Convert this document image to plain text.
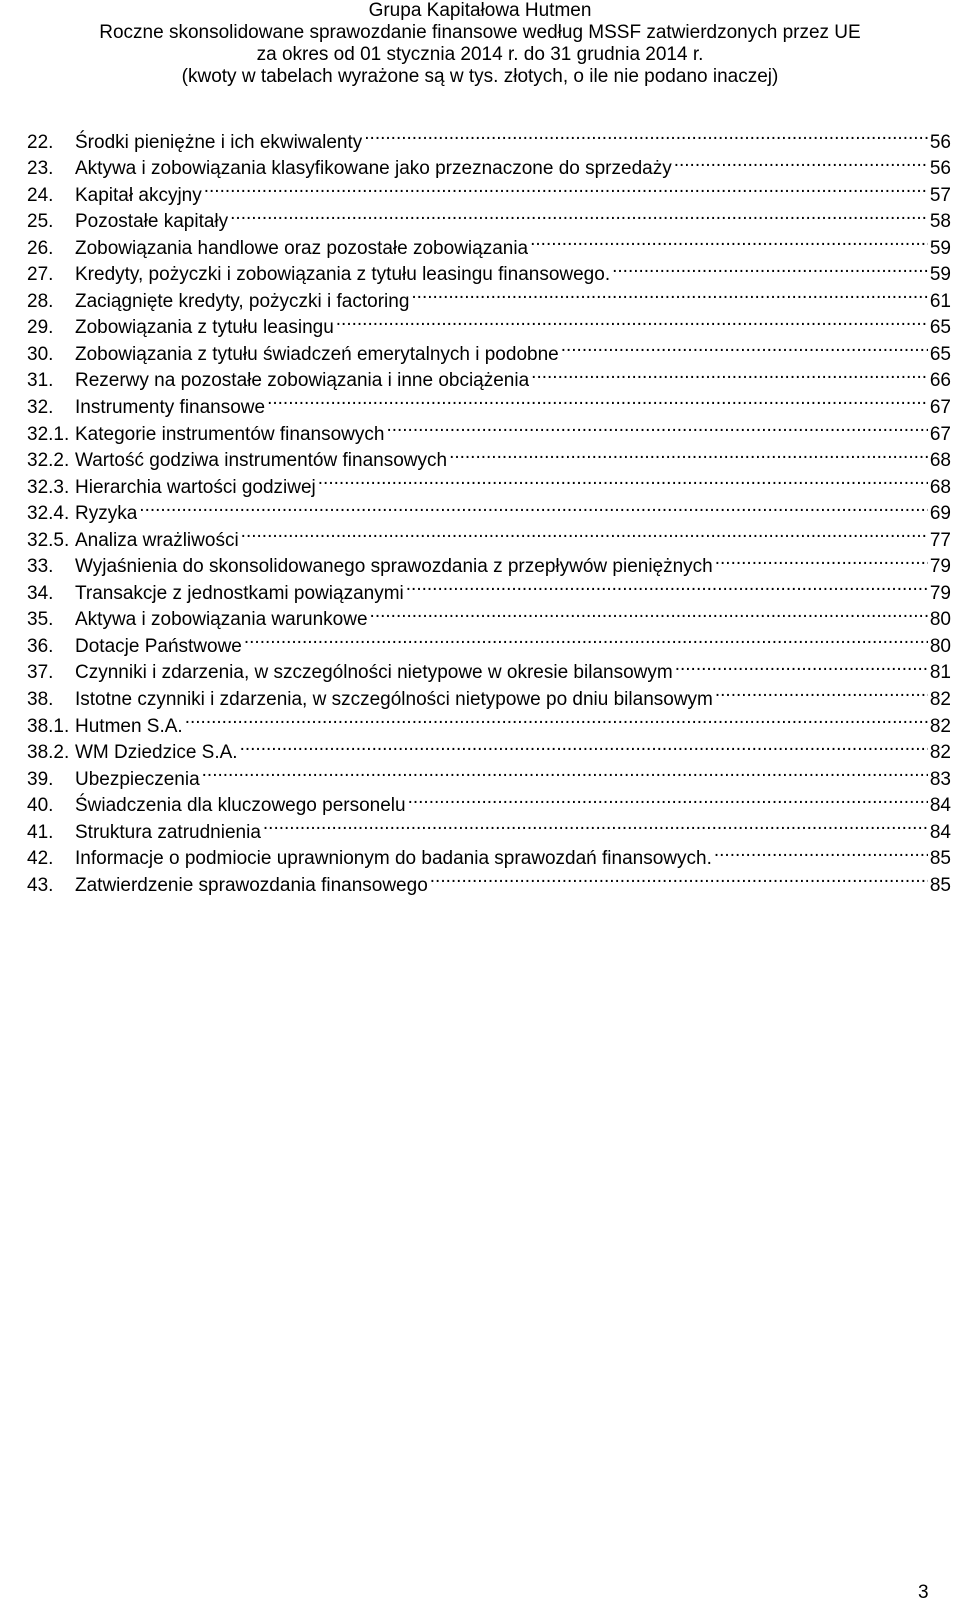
Grupa Kapitałowa Hutmen
Roczne skonsolidowane sprawozdanie finansowe według MSSF zatwierdzonych przez UE
za okres od 01 stycznia 2014 r. do 31 grudnia 2014 r.
(kwoty w tabelach wyrażone są w tys. złotych, o ile nie podano inaczej)
22.	Środki pieniężne i ich ekwiwalenty .....	56
23.	Aktywa i zobowiązania klasyfikowane jako przeznaczone do sprzedaży .....	56
24.	Kapitał akcyjny .....	57
25.	Pozostałe kapitały .....	58
26.	Zobowiązania handlowe oraz pozostałe zobowiązania .....	59
27.	Kredyty, pożyczki i zobowiązania z tytułu leasingu finansowego. .....	59
28.	Zaciągnięte kredyty, pożyczki i factoring .....	61
29.	Zobowiązania z tytułu leasingu .....	65
30.	Zobowiązania z tytułu świadczeń emerytalnych i podobne .....	65
31.	Rezerwy na pozostałe zobowiązania i inne obciążenia .....	66
32.	Instrumenty finansowe .....	67
32.1. Kategorie instrumentów finansowych .....	67
32.2. Wartość godziwa instrumentów finansowych .....	68
32.3. Hierarchia wartości godziwej .....	68
32.4. Ryzyka .....	69
32.5. Analiza wrażliwości .....	77
33.	Wyjaśnienia do skonsolidowanego sprawozdania z przepływów pieniężnych .....	79
34.	Transakcje z jednostkami powiązanymi .....	79
35.	Aktywa i zobowiązania warunkowe .....	80
36.	Dotacje Państwowe .....	80
37.	Czynniki i zdarzenia, w szczególności nietypowe w okresie bilansowym .....	81
38.	Istotne czynniki i zdarzenia, w szczególności nietypowe po dniu bilansowym .....	82
38.1. Hutmen S.A. .....	82
38.2. WM Dziedzice S.A. .....	82
39.	Ubezpieczenia .....	83
40.	Świadczenia dla kluczowego personelu .....	84
41.	Struktura zatrudnienia .....	84
42.	Informacje o podmiocie uprawnionym do badania sprawozdań finansowych. .....	85
43.	Zatwierdzenie sprawozdania finansowego .....	85
3
